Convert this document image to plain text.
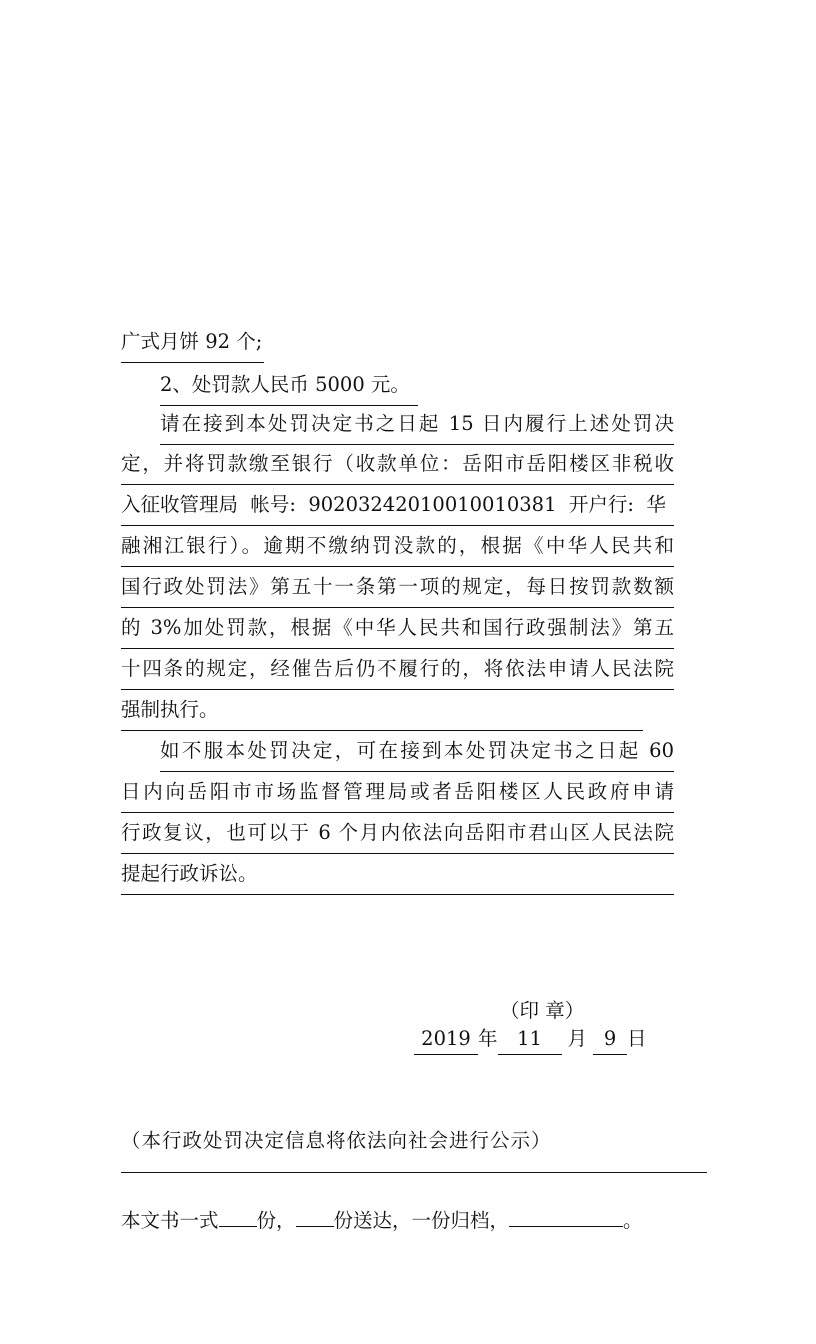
广式月饼 92 个;
2、处罚款人民币 5000 元。
请在接到本处罚决定书之日起 15 日内履行上述处罚决
定，并将罚款缴至银行（收款单位：岳阳市岳阳楼区非税收
入征收管理局  帐号:  90203242010010010381  开户行:  华
融湘江银行）。逾期不缴纳罚没款的，根据《中华人民共和
国行政处罚法》第五十一条第一项的规定，每日按罚款数额
的 3%加处罚款，根据《中华人民共和国行政强制法》第五
十四条的规定，经催告后仍不履行的，将依法申请人民法院
强制执行。
如不服本处罚决定，可在接到本处罚决定书之日起 60
日内向岳阳市市场监督管理局或者岳阳楼区人民政府申请
行政复议，也可以于 6 个月内依法向岳阳市君山区人民法院
提起行政诉讼。
（印 章）
2019 年 11 月 9 日
（本行政处罚决定信息将依法向社会进行公示）
本文书一式 份， 份送达，一份归档，	。
